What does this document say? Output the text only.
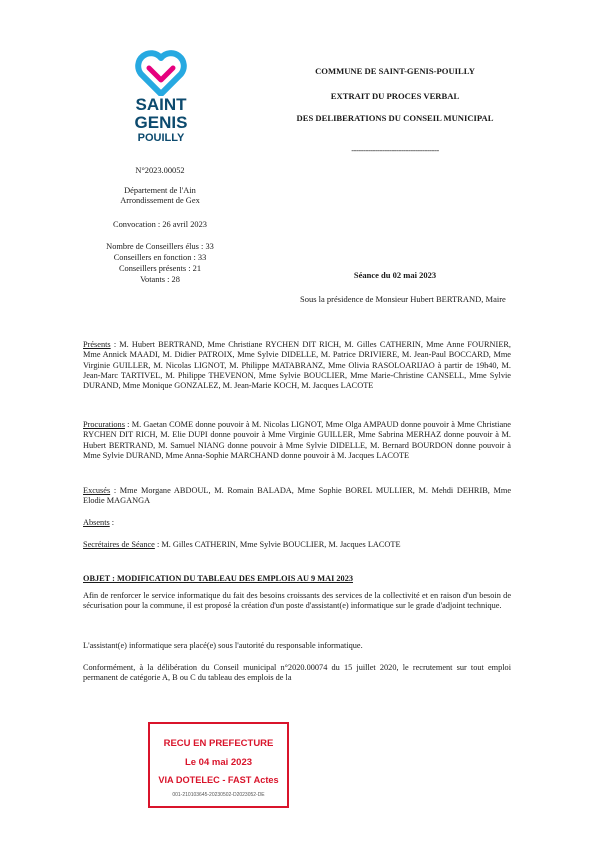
SAINT
GENIS
POUILLY
N°2023.00052
Département de l'Ain
Arrondissement de Gex
Convocation : 26 avril 2023
Nombre de Conseillers élus : 33
Conseillers en fonction : 33
Conseillers présents : 21
Votants : 28
COMMUNE DE SAINT-GENIS-POUILLY
EXTRAIT DU PROCES VERBAL
DES DELIBERATIONS DU CONSEIL MUNICIPAL
-------------------------------------
Séance du 02 mai 2023
Sous la présidence de Monsieur Hubert BERTRAND, Maire
Présents : M. Hubert BERTRAND, Mme Christiane RYCHEN DIT RICH, M. Gilles CATHERIN, Mme Anne FOURNIER, Mme Annick MAADI, M. Didier PATROIX, Mme Sylvie DIDELLE, M. Patrice DRIVIERE, M. Jean-Paul BOCCARD, Mme Virginie GUILLER, M. Nicolas LIGNOT, M. Philippe MATABRANZ, Mme Olivia RASOLOARIJAO à partir de 19h40, M. Jean-Marc TARTIVEL, M. Philippe THEVENON, Mme Sylvie BOUCLIER, Mme Marie-Christine CANSELL, Mme Sylvie DURAND, Mme Monique GONZALEZ, M. Jean-Marie KOCH, M. Jacques LACOTE
Procurations : M. Gaetan COME donne pouvoir à M. Nicolas LIGNOT, Mme Olga AMPAUD donne pouvoir à Mme Christiane RYCHEN DIT RICH, M. Elie DUPI donne pouvoir à Mme Virginie GUILLER, Mme Sabrina MERHAZ donne pouvoir à M. Hubert BERTRAND, M. Samuel NIANG donne pouvoir à Mme Sylvie DIDELLE, M. Bernard BOURDON donne pouvoir à Mme Sylvie DURAND, Mme Anna-Sophie MARCHAND donne pouvoir à M. Jacques LACOTE
Excusés : Mme Morgane ABDOUL, M. Romain BALADA, Mme Sophie BOREL MULLIER, M. Mehdi DEHRIB, Mme Elodie MAGANGA
Absents :
Secrétaires de Séance : M. Gilles CATHERIN, Mme Sylvie BOUCLIER, M. Jacques LACOTE
OBJET : MODIFICATION DU TABLEAU DES EMPLOIS AU 9 MAI 2023
Afin de renforcer le service informatique du fait des besoins croissants des services de la collectivité et en raison d'un besoin de sécurisation pour la commune, il est proposé la création d'un poste d'assistant(e) informatique sur le grade d'adjoint technique.
L'assistant(e) informatique sera placé(e) sous l'autorité du responsable informatique.
Conformément, à la délibération du Conseil municipal n°2020.00074 du 15 juillet 2020, le recrutement sur tout emploi permanent de catégorie A, B ou C du tableau des emplois de la
RECU EN PREFECTURE
Le 04 mai 2023
VIA DOTELEC - FAST Actes
001-210103645-20230502-D2023052-DE
